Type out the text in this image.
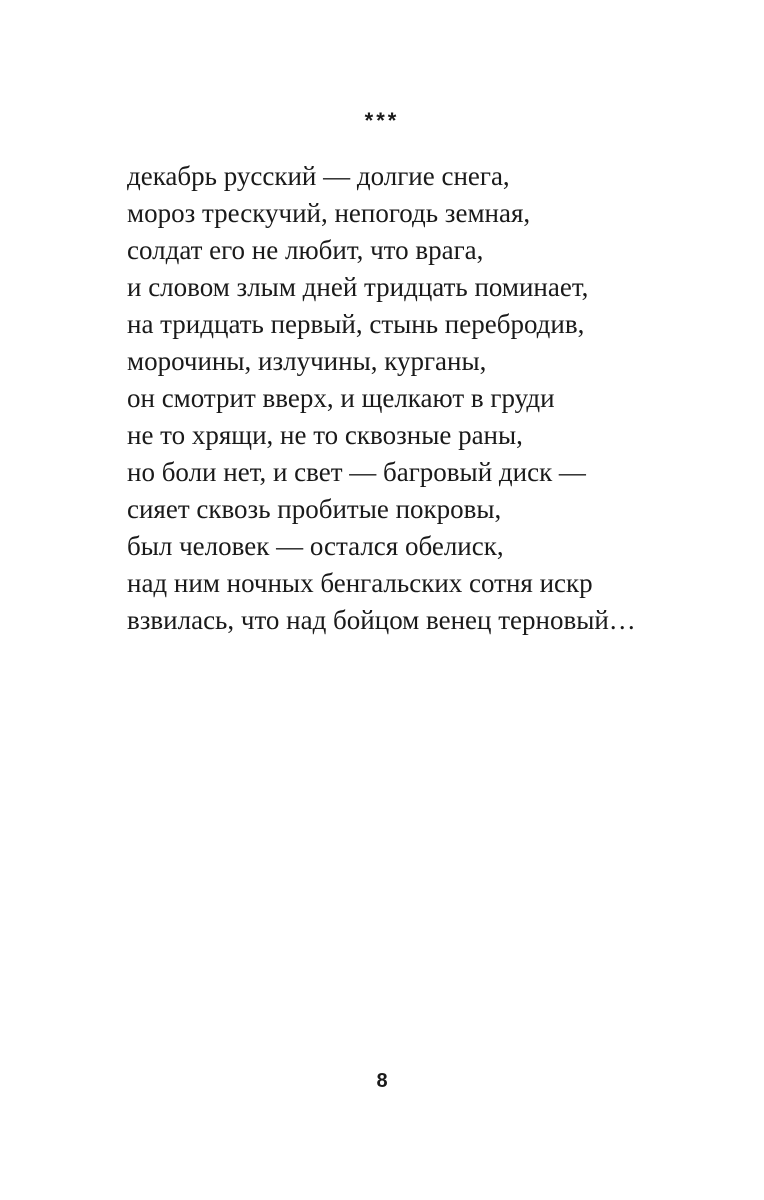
***
декабрь русский — долгие снега,
мороз трескучий, непогодь земная,
солдат его не любит, что врага,
и словом злым дней тридцать поминает,
на тридцать первый, стынь перебродив,
морочины, излучины, курганы,
он смотрит вверх, и щелкают в груди
не то хрящи, не то сквозные раны,
но боли нет, и свет — багровый диск —
сияет сквозь пробитые покровы,
был человек — остался обелиск,
над ним ночных бенгальских сотня искр
взвилась, что над бойцом венец терновый…
8
